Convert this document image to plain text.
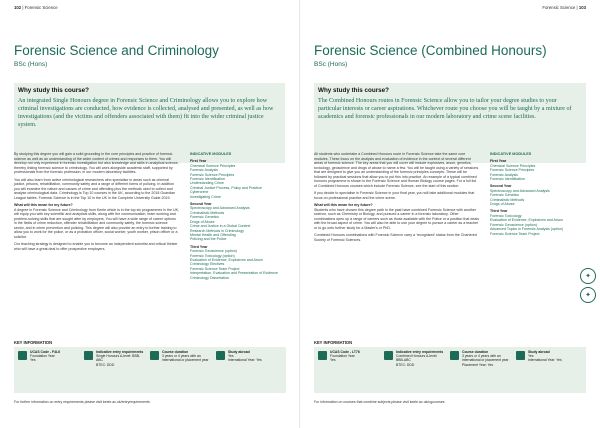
102 | Forensic Science
Forensic Science and Criminology
BSc (Hons)
Why study this course?
An integrated Single Honours degree in Forensic Science and Criminology allows you to explore how criminal investigations are conducted, how evidence is collected, analysed and presented, as well as how investigations (and the victims and offenders associated with them) fit into the wider criminal justice system.

By studying this degree you will gain a solid grounding in the core principles and practice of forensic science as well as an understanding of the wider context of crimes and responses to them. You will develop not only experience in forensic investigation but also knowledge and skills in analytical science, thereby linking forensic science to criminology. You will work alongside academic staff, supported by professionals from the forensic profession, in our modern laboratory facilities.

You will also learn from active criminological researchers who specialise in areas such as criminal justice, prisons, rehabilitation, community safety and a range of different forms of policing. In addition you will examine the nature and causes of crime and offending plus the methods used to collect and analyse criminological data. Criminology is Top 10 courses in the UK, according to the 2018 Guardian League tables. Forensic Science is in the Top 10 in the UK in the Complete University Guide 2019.

What will this mean for my future?

A degree in Forensic Science and Criminology from Keele which is in the top six programmes in the UK, will equip you with key scientific and analytical skills, along with the communication, team working and problem-solving skills that are sought after by employers. You will have a wide range of career options in the fields of crime reduction, offender rehabilitation and community safety, the forensic science sector, and in crime prevention and policing. This degree will also provide an entry to further training to allow you to work for the police, or as a probation officer, social worker, youth worker, prison officer or a solicitor.

Our teaching strategy is designed to enable you to become an independent scientist and critical thinker who will have a great deal to offer prospective employers.

INDICATIVE MODULES
First Year
Chemical Science Principles
Forensic Analysis
Forensic Science Principles
Forensic Identification
Understanding Crime
Criminal Justice Process, Policy and Practice
Cybercrime
Investigating Crime
Second Year
Spectroscopy and Advanced Analysis
Criminalistic Methods
Forensic Genetics
Drugs of Abuse
Crime and Justice in a Global Context
Research Methods in Criminology
Mental Health and Offending
Policing and the Police
Third Year
Forensic Geoscience (option)
Forensic Toxicology (option)
Evaluation of Evidence, Explosives and Arson
Criminology Electives
Forensic Science Team Project
Interpretation, Evaluation and Presentation of Evidence
Criminology Dissertation
KEY INFORMATION
UCAS Code - F4L6
Foundation Year
Yes
Indicative entry requirements
Single Honours A-level: BBB-ABC
BTEC: DDD
Course duration
3 years or 4 years with an international or placement year
Study abroad
Yes
International Year: Yes
For further information on entry requirements please visit keele.ac.uk/entryrequirements
Forensic Science | 103
Forensic Science (Combined Honours)
BSc (Hons)
Why study this course?
The Combined Honours routes in Forensic Science allow you to tailor your degree studies to your particular interests or career aspirations. Whichever route you choose you will be taught by a mixture of academics and forensic professionals in our modern laboratory and crime scene facilities.

All students who undertake a Combined Honours route in Forensic Science take the same core modules. These focus on the analysis and evaluation of evidence in the context of several different areas of forensic science. The key areas that you will cover will include explosives, arson, genetics, toxicology, geoscience and drugs of abuse to name a few. You will be taught using a variety of sessions that are designed to give you an understanding of the forensic principles concepts. These will be followed by practical sessions that allow you to put this into practice. An example of a typical combined honours programme is shown in the Forensic Science and Human Biology course pages. For a full list of Combined Honours courses which include Forensic Science, see the start of this section.

If you decide to specialise in Forensic Science in your final year, you will take additional modules that focus on professional practice and the crime scene.

What will this mean for my future?

Students who have chosen this degree path in the past have combined Forensic Science with another science, such as Chemistry or Biology, and pursued a career in a forensic laboratory. Other combinations open up a range of careers such as those available with the Police or a position that deals with the broad aspect of crime. You will also be able to use your degree to pursue a career as a teacher or to go onto further study for a Master's or PhD.

Combined Honours combinations with Forensic Science carry a 'recognised' status from the Chartered Society of Forensic Sciences.

INDICATIVE MODULES
First Year
Chemical Science Principles
Forensic Science Principles
Forensic Analysis
Forensic Identification
Second Year
Spectroscopy and Advanced Analysis
Forensic Genetics
Criminalistic Methods
Drugs of Abuse
Third Year
Forensic Toxicology
Evaluation of Evidence, Explosives and Arson
Forensic Geoscience (option)
Advanced Topics in Forensic Analysis (option)
Forensic Science Team Project
✦
✦
KEY INFORMATION
UCAS Code - LT76
Foundation Year
Yes
Indicative entry requirements
Combined Honours A-level: BBB-ABC
BTEC: DDD
Course duration
3 years or 4 years with an international or placement year
Placement Year: Yes
Study abroad
Yes
International Year: Yes
For information on courses that combine subjects please visit keele.ac.uk/ugcourses
